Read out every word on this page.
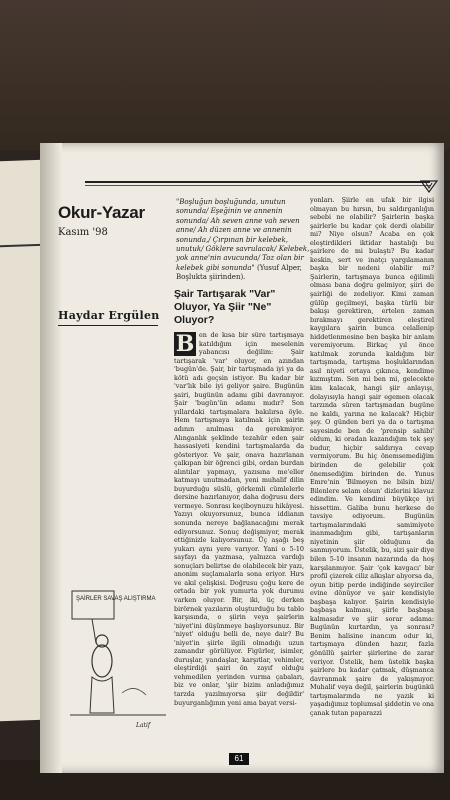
Okur-Yazar
Kasım '98
Haydar Ergülen
"Boşluğun boşluğunda, unutun sonunda/ Eşeğinin ve annenin sonunda/ Ah seven anne vah seven anne/ Ah düzen anne ve annenin sonunda,/ Çırpınan bir kelebek, unutuk/ Göklere savrulacak/ Kelebek, yok anne'nin avucunda/ Toz olan bir kelebek gibi sonunda" (Yusuf Alper, Boşlukta şiirinden).
Şair Tartışarak "Var" Oluyor, Ya Şiir "Ne" Oluyor?
B en de kısa bir süre tartışmaya katıldığım için meselenin yabancısı değilim: Şair tartışarak 'var' oluyor, en azından 'bugün'de. Şair, bir tartışmada iyi ya da kötü adı geçsin istiyor. Bu kadar bir 'var'lık bile iyi geliyor şaire. Bugünün şairi, bugünün adamı gibi davranıyor. Şair 'bugün'ün adamı mıdır? Son yıllardaki tartışmalara bakılırsa öyle. Hem tartışmaya katılmak için şairin adının anılması da gerekmiyor. Alınganlık şeklinde tezahür eden şair hassasiyeti kendini tartışmalarda da gösteriyor. Ve şair, onava hazırlanan çalkıpan bir öğrenci gibi, ordan burdan alıntılar yapmayı, yazısına me'eller katmayı unutmadan, yeni muhalif dilin buyurduğu süslü, görkemli cümlelerle dersine hazırlanıyor, daha doğrusu ders vermeye. Sonrası keçiboynuzu hikâyesi. Yazıyı okuyorsunuz, bunca iddianın sonunda nereye bağlanacağını merak ediyorsunuz. Sonuç değişmiyor, merak ettiğinizle kalıyorsunuz. Üç aşağı beş yukarı aynı yere varıyor. Yani o 5-10 sayfayı da yazmasa, yalnızca vardığı sonuçları belirtse de olabilecek bir yazı, anonim suçlamalarla sona eriyor. Hırs ve akıl çelişkisi. Doğrusu çoğu kere de ortada bir yok yumurta yok durumu varken oluyor. Bir, iki, üç derken birörnek yazıların oluşturduğu bu tablo karşısında, o şiirin veya şairlerin 'niyet'ini düşünmeye başlıyorsunuz. Bir 'niyet' olduğu belli de, neye dair? Bu 'niyet'in şiirle ilgili olmadığı uzun zamandır görülüyor. Figürler, isimler, duruşlar, yandaşlar, karşıtlar, vehimler, eleştirdiği şairi ön zayıf olduğu vehmedilen yerinden vurma çabaları, biz ve onlar, 'şiir bizim anladığımız tarzda yazılmıyorsa şiir değildir' buyurganlığının yeni ama bayat versi-
yonları. Şiirle en ufak bir ilgisi olmayan bu hırsın, bu saldırganlığın sebebi ne olabilir? Şairlerin başka şairlerle bu kadar çok derdi olabilir mi? Niye olsun? Acaba en çok eleştirdikleri iktidar hastalığı bu şairlere de mi bulaştı? Bu kadar keskin, sert ve inatçı yargılamanın başka bir nedeni olabilir mi? Şairlerin, tartışmaya bunca eğilimli olması bana doğru gelmiyor, şiiri de şairliği de zedeliyor. Kimi zaman gülüp geçilmeyi, başka türlü bir bakışı gerektiren, ertelen zaman bırakmayı gerektiren eleştirel kaygılara şairin bunca celallenip hiddetlenmesine ben başka bir anlam veremiyorum. Birkaç yıl önce katılmak zorunda kaldığım bir tartışmada, tartışma boşluklarından asıl niyeti ortaya çıkınca, kendime kızmıştım. Sen mi ben mi, gelecekte kim kalacak, hangi şiir anlayışı, dolayısıyla hangi şair egemen olacak tarzında süren tartışmadan bugüne ne kaldı, yarına ne kalacak? Hiçbir şey. O günden beri ya da o tartışma sayesinde ben de 'prensip sahibi' oldum, ki oradan kazandığım tek şey budur, hiçbir saldırıya cevap vermiyorum. Bu hiç önemsemediğim birinden de gelebilir çok önemsediğim birinden de. Yunus Emre'nin 'Bilmeyen ne bilsin bizi/ Bilenlere selam olsun' dizlerini klavuz edindim. Ve kendimi büyükçe iyi hissettim. Galiba bunu herkese de tavsiye ediyorum. Bugünün tartışmalarındaki samimiyete inanmadığım gibi, tartışanların niyetinin şiir olduğunu da sanmıyorum. Üstelik, bu, sizi şair diye bilen 5-10 insanın nazarında da hoş karşılanmıyor. Şair 'çok kavgacı' bir profil çizerek ciliz alkışlar alıyorsa da, oyun bitip perde indiğinde seyirciler evine dönüyor ve şair kendisiyle başbaşa kalıyor. Şairin kendisiyle başbaşa kalması, şiirle başbaşa kalmasıdır ve şiir sorar adama: Bugünün kurtardın, ya sonrası? Benim halisine inancım odur ki, tartışmaya dünden hazır, fazla gönüllü şairler şiirlerine de zarar veriyor. Üstelik, hem üstelik başka şairlere bu kadar çatmak, düşmanca davranmak şaire de yakışmıyor. Muhalif veya değil, şairlerin bugünkü tartışmalarında ne yazık ki yaşadığımız toplumsal şiddetin ve ona çanak tutan paparazzi
ŞAİRLER SAVAŞ ALIŞTIRMA
Latif
61
